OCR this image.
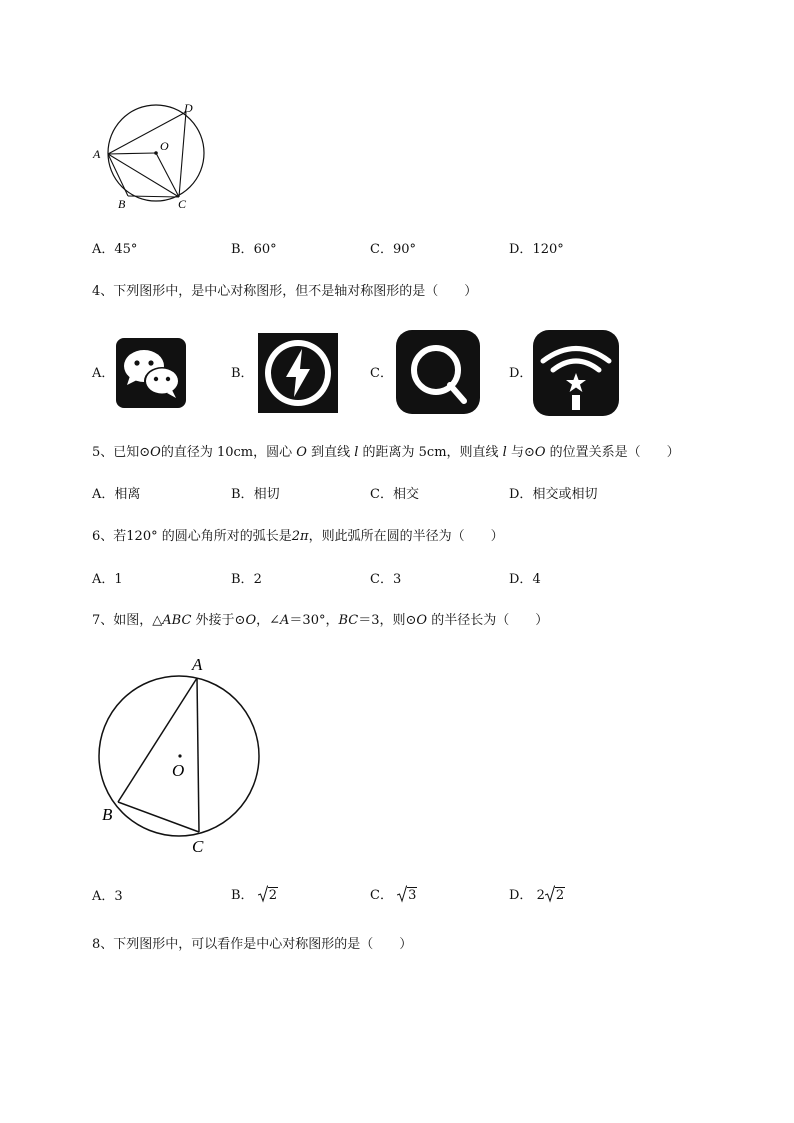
A
B	C
D
O
A．45°	B．60°	C．90°	D．120°
4、下列图形中，是中心对称图形，但不是轴对称图形的是（　　）
A．	B．	C．	D．
5、已知⊙O的直径为 10cm，圆心 O 到直线 l 的距离为 5cm，则直线 l 与⊙O 的位置关系是（　　）
A．相离	B．相切	C．相交	D．相交或相切
6、若120° 的圆心角所对的弧长是2π，则此弧所在圆的半径为（　　）
A．1	B．2	C．3	D．4
7、如图，△ABC 外接于⊙O，∠A＝30°，BC＝3，则⊙O 的半径长为（　　）
A
B
C
O
A．3	B． 2	C． 3	D． 2 2
8、下列图形中，可以看作是中心对称图形的是（　　）
